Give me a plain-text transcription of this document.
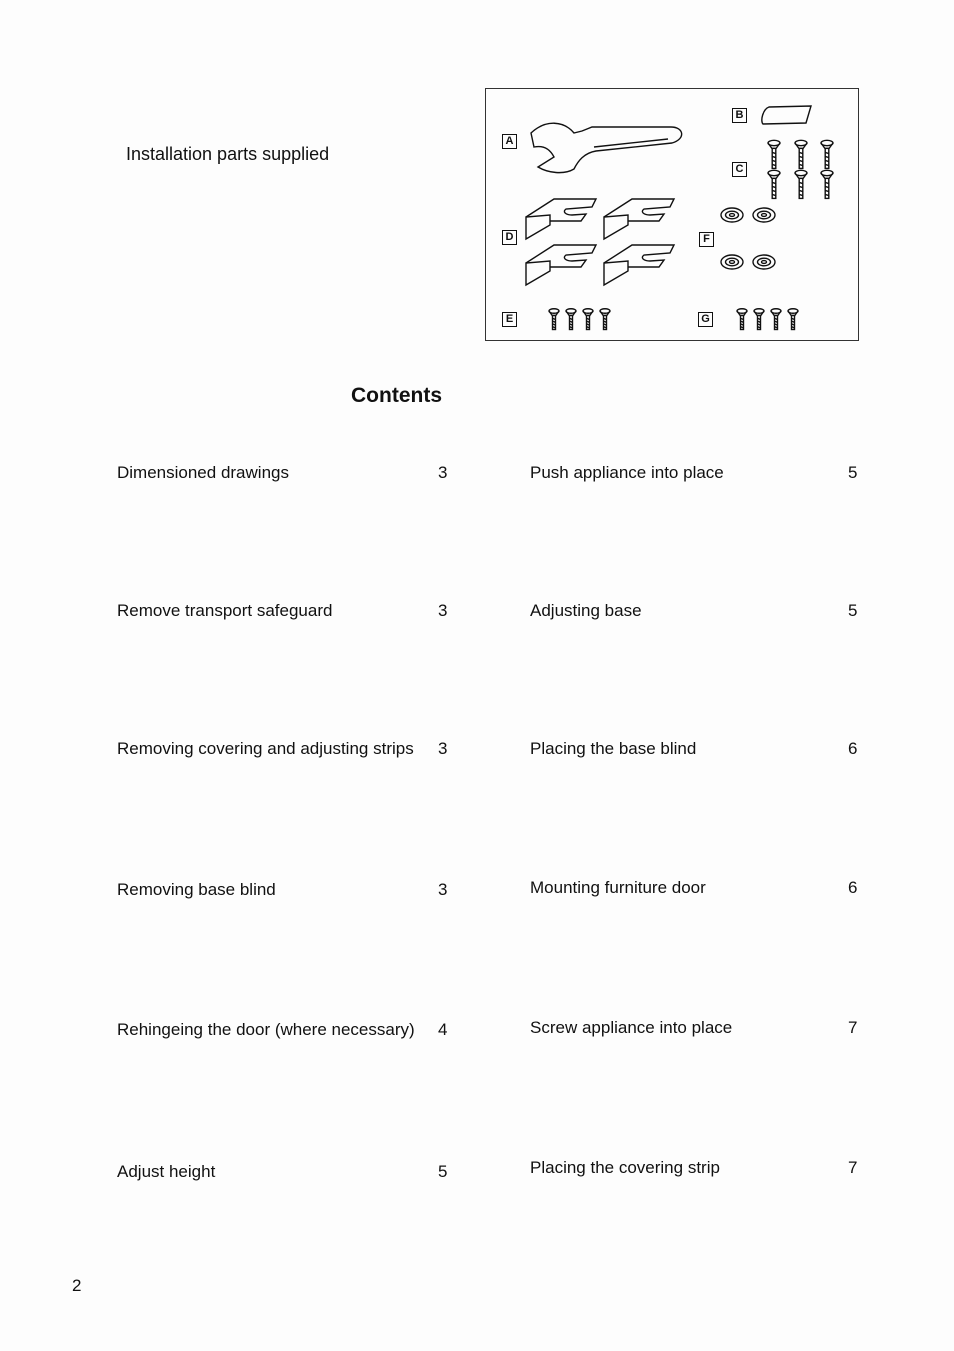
Installation parts supplied
A
B
C
D	F
E	G
Contents
Dimensioned drawings	3
Remove transport safeguard	3
Removing covering and adjusting strips 3
Removing base blind	3
Rehingeing the door (where necessary) 4
Adjust height	5
Push appliance into place	5
Adjusting base	5
Placing the base blind	6
Mounting furniture door	6
Screw appliance into place	7
Placing the covering strip	7
2
